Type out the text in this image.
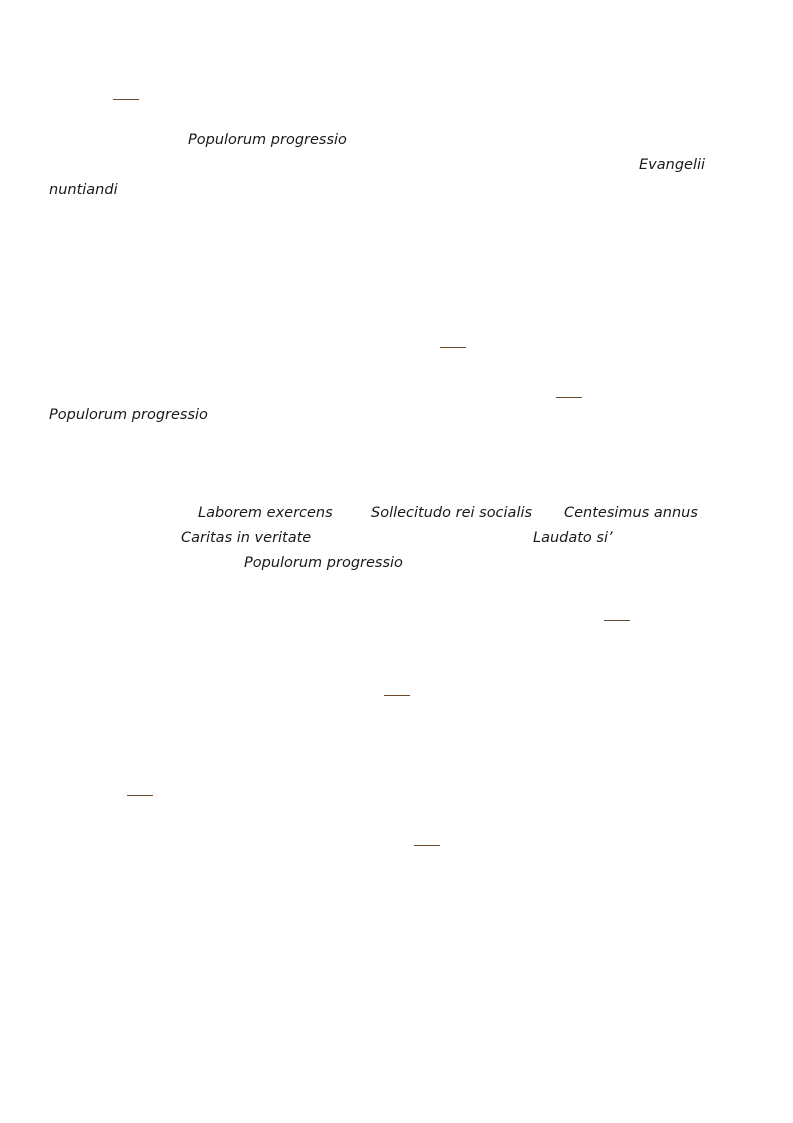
Populorum progressio
Evangelii
nuntiandi
Populorum progressio
Laborem exercens	Sollecitudo rei socialis Centesimus annus
Caritas in veritate	Laudato si’
Populorum progressio
